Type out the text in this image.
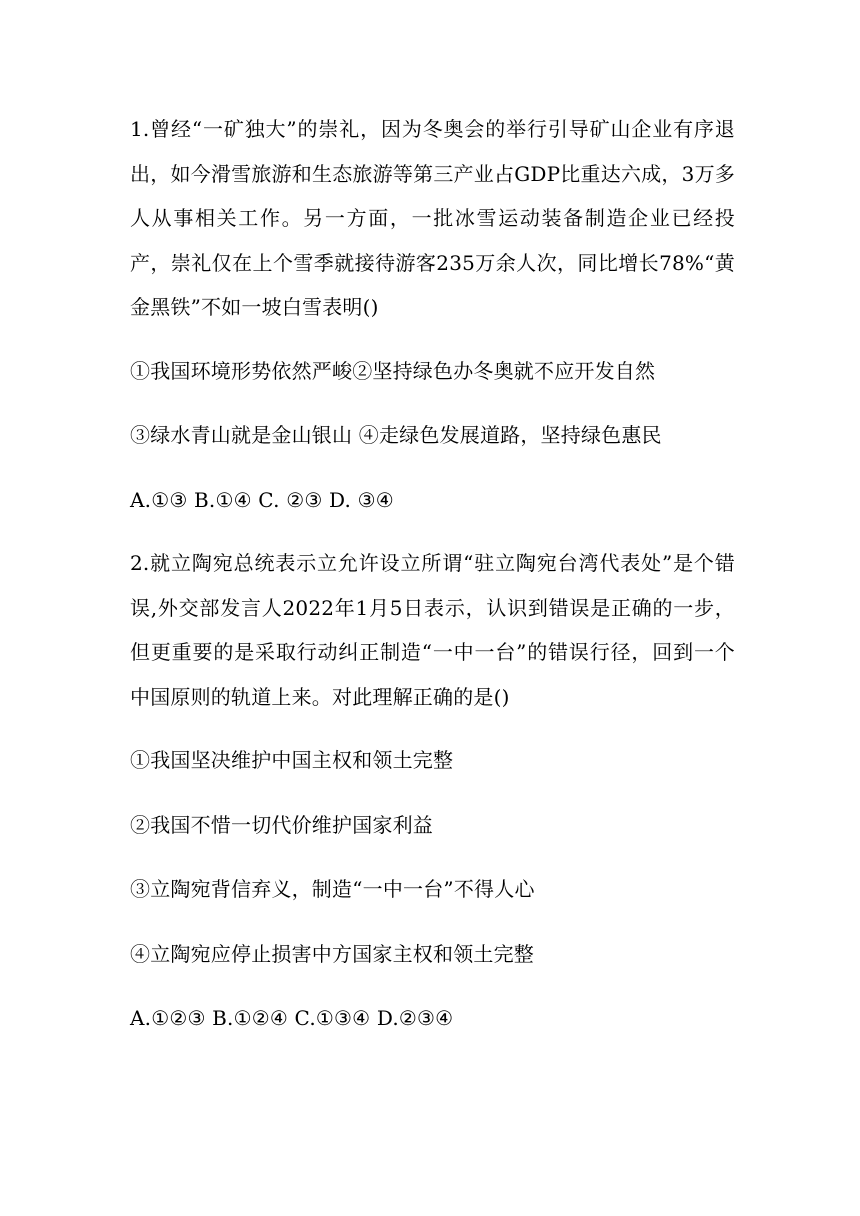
1.曾经“一矿独大”的崇礼，因为冬奥会的举行引导矿山企业有序退出，如今滑雪旅游和生态旅游等第三产业占GDP比重达六成，3万多人从事相关工作。另一方面，一批冰雪运动装备制造企业已经投产，崇礼仅在上个雪季就接待游客235万余人次，同比增长78%“黄金黑铁”不如一坡白雪表明()

①我国环境形势依然严峻②坚持绿色办冬奥就不应开发自然

③绿水青山就是金山银山 ④走绿色发展道路，坚持绿色惠民

A.①③ B.①④ C. ②③ D. ③④

2.就立陶宛总统表示立允许设立所谓“驻立陶宛台湾代表处”是个错误,外交部发言人2022年1月5日表示，认识到错误是正确的一步，但更重要的是采取行动纠正制造“一中一台”的错误行径，回到一个中国原则的轨道上来。对此理解正确的是()

①我国坚决维护中国主权和领土完整

②我国不惜一切代价维护国家利益

③立陶宛背信弃义，制造“一中一台”不得人心

④立陶宛应停止损害中方国家主权和领土完整

A.①②③ B.①②④ C.①③④ D.②③④
